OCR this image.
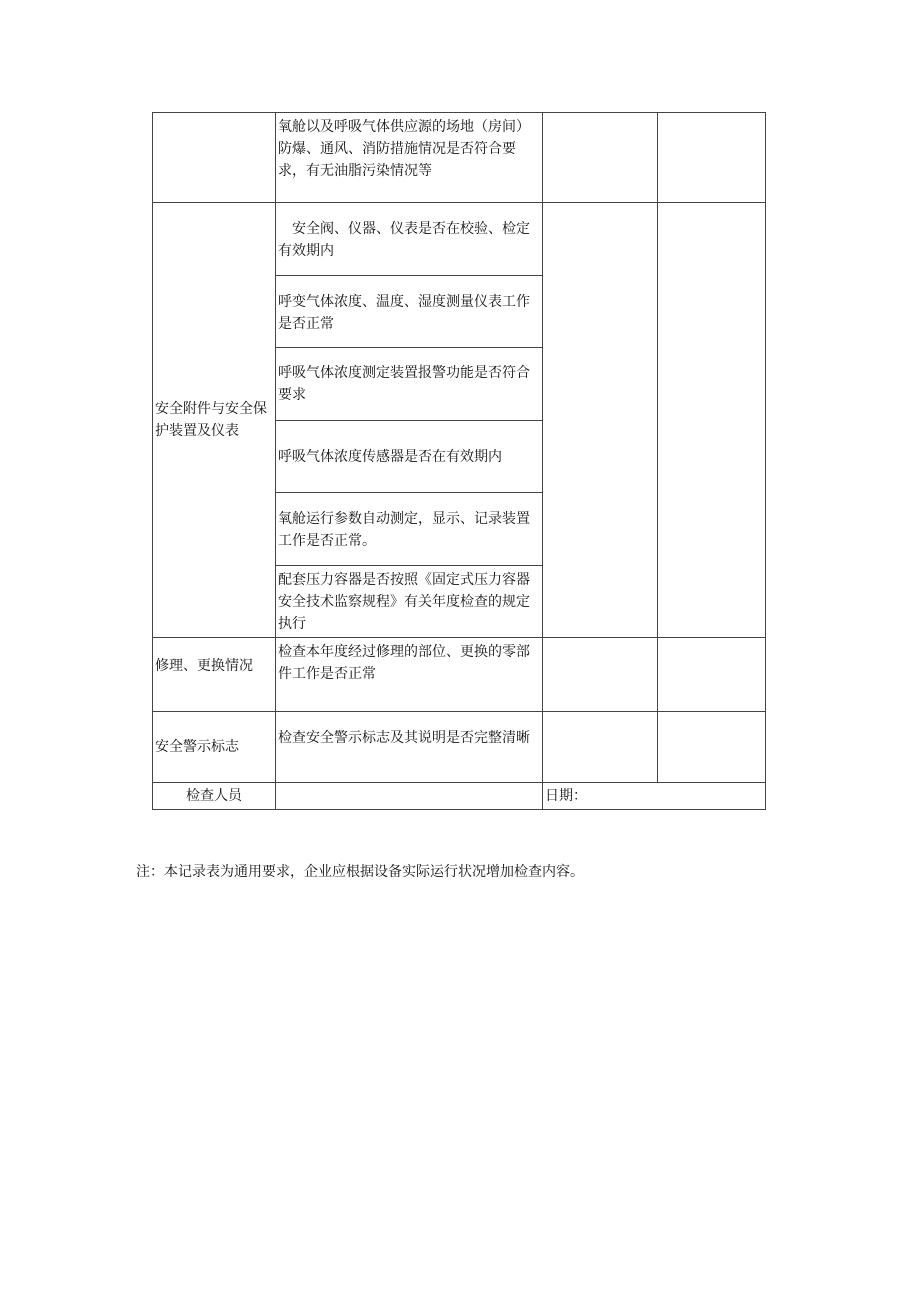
	氧舱以及呼吸气体供应源的场地（房间）防爆、通风、消防措施情况是否符合要求，有无油脂污染情况等		
安全附件与安全保护装置及仪表	安全阀、仪器、仪表是否在校验、检定有效期内		

	呼变气体浓度、温度、湿度测量仪表工作是否正常		
	呼吸气体浓度测定装置报警功能是否符合要求		
	呼吸气体浓度传感器是否在有效期内		
	氧舱运行参数自动测定，显示、记录装置工作是否正常。		
	配套压力容器是否按照《固定式压力容器安全技术监察规程》有关年度检查的规定执行		
修理、更换情况	检查本年度经过修理的部位、更换的零部件工作是否正常		
安全警示标志	检查安全警示标志及其说明是否完整清晰		
检查人员		日期：	
注：本记录表为通用要求，企业应根据设备实际运行状况增加检查内容。
